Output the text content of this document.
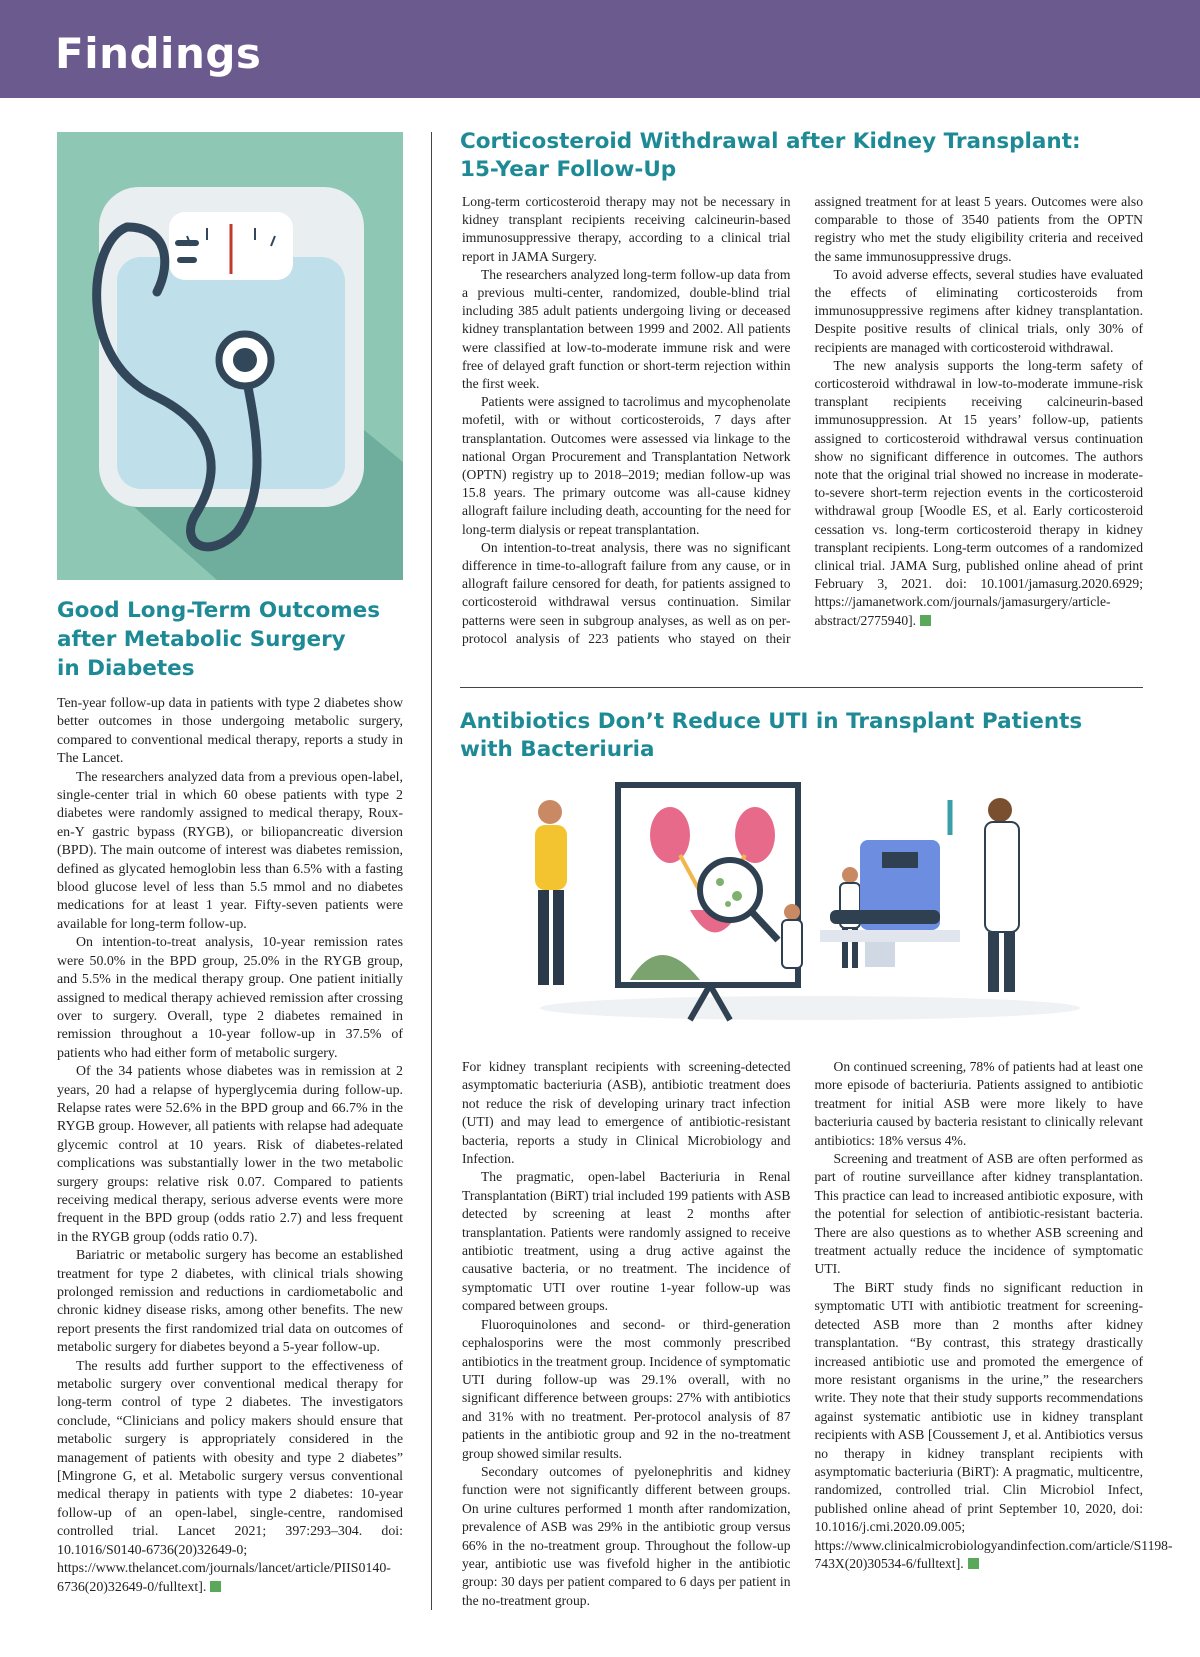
Findings
Good Long-Term Outcomes
after Metabolic Surgery
in Diabetes

Ten-year follow-up data in patients with type 2 diabetes show better outcomes in those undergoing metabolic surgery, compared to conventional medical therapy, reports a study in The Lancet.

The researchers analyzed data from a previous open-label, single-center trial in which 60 obese patients with type 2 diabetes were randomly assigned to medical therapy, Roux-en-Y gastric bypass (RYGB), or biliopancreatic diversion (BPD). The main outcome of interest was diabetes remission, defined as glycated hemoglobin less than 6.5% with a fasting blood glucose level of less than 5.5 mmol and no diabetes medications for at least 1 year. Fifty-seven patients were available for long-term follow-up.

On intention-to-treat analysis, 10-year remission rates were 50.0% in the BPD group, 25.0% in the RYGB group, and 5.5% in the medical therapy group. One patient initially assigned to medical therapy achieved remission after crossing over to surgery. Overall, type 2 diabetes remained in remission throughout a 10-year follow-up in 37.5% of patients who had either form of metabolic surgery.

Of the 34 patients whose diabetes was in remission at 2 years, 20 had a relapse of hyperglycemia during follow-up. Relapse rates were 52.6% in the BPD group and 66.7% in the RYGB group. However, all patients with relapse had adequate glycemic control at 10 years. Risk of diabetes-related complications was substantially lower in the two metabolic surgery groups: relative risk 0.07. Compared to patients receiving medical therapy, serious adverse events were more frequent in the BPD group (odds ratio 2.7) and less frequent in the RYGB group (odds ratio 0.7).

Bariatric or metabolic surgery has become an established treatment for type 2 diabetes, with clinical trials showing prolonged remission and reductions in cardiometabolic and chronic kidney disease risks, among other benefits. The new report presents the first randomized trial data on outcomes of metabolic surgery for diabetes beyond a 5-year follow-up.

The results add further support to the effectiveness of metabolic surgery over conventional medical therapy for long-term control of type 2 diabetes. The investigators conclude, “Clinicians and policy makers should ensure that metabolic surgery is appropriately considered in the management of patients with obesity and type 2 diabetes” [Mingrone G, et al. Metabolic surgery versus conventional medical therapy in patients with type 2 diabetes: 10-year follow-up of an open-label, single-centre, randomised controlled trial. Lancet 2021; 397:293–304. doi: 10.1016/S0140-6736(20)32649-0; https://www.thelancet.com/journals/lancet/article/PIIS0140-6736(20)32649-0/fulltext].

Corticosteroid Withdrawal after Kidney Transplant:
15-Year Follow-Up

Long-term corticosteroid therapy may not be necessary in kidney transplant recipients receiving calcineurin-based immunosuppressive therapy, according to a clinical trial report in JAMA Surgery.

The researchers analyzed long-term follow-up data from a previous multi-center, randomized, double-blind trial including 385 adult patients undergoing living or deceased kidney transplantation between 1999 and 2002. All patients were classified at low-to-moderate immune risk and were free of delayed graft function or short-term rejection within the first week.

Patients were assigned to tacrolimus and mycophenolate mofetil, with or without corticosteroids, 7 days after transplantation. Outcomes were assessed via linkage to the national Organ Procurement and Transplantation Network (OPTN) registry up to 2018–2019; median follow-up was 15.8 years. The primary outcome was all-cause kidney allograft failure including death, accounting for the need for long-term dialysis or repeat transplantation.

On intention-to-treat analysis, there was no significant difference in time-to-allograft failure from any cause, or in allograft failure censored for death, for patients assigned to corticosteroid withdrawal versus continuation. Similar patterns were seen in subgroup analyses, as well as on per-protocol analysis of 223 patients who stayed on their assigned treatment for at least 5 years. Outcomes were also comparable to those of 3540 patients from the OPTN registry who met the study eligibility criteria and received the same immunosuppressive drugs.

To avoid adverse effects, several studies have evaluated the effects of eliminating corticosteroids from immunosuppressive regimens after kidney transplantation. Despite positive results of clinical trials, only 30% of recipients are managed with corticosteroid withdrawal.

The new analysis supports the long-term safety of corticosteroid withdrawal in low-to-moderate immune-risk transplant recipients receiving calcineurin-based immunosuppression. At 15 years’ follow-up, patients assigned to corticosteroid withdrawal versus continuation show no significant difference in outcomes. The authors note that the original trial showed no increase in moderate-to-severe short-term rejection events in the corticosteroid withdrawal group [Woodle ES, et al. Early corticosteroid cessation vs. long-term corticosteroid therapy in kidney transplant recipients. Long-term outcomes of a randomized clinical trial. JAMA Surg, published online ahead of print February 3, 2021. doi: 10.1001/jamasurg.2020.6929; https://jamanetwork.com/journals/jamasurgery/article-abstract/2775940].

Antibiotics Don’t Reduce UTI in Transplant Patients
with Bacteriuria

For kidney transplant recipients with screening-detected asymptomatic bacteriuria (ASB), antibiotic treatment does not reduce the risk of developing urinary tract infection (UTI) and may lead to emergence of antibiotic-resistant bacteria, reports a study in Clinical Microbiology and Infection.

The pragmatic, open-label Bacteriuria in Renal Transplantation (BiRT) trial included 199 patients with ASB detected by screening at least 2 months after transplantation. Patients were randomly assigned to receive antibiotic treatment, using a drug active against the causative bacteria, or no treatment. The incidence of symptomatic UTI over routine 1-year follow-up was compared between groups.

Fluoroquinolones and second- or third-generation cephalosporins were the most commonly prescribed antibiotics in the treatment group. Incidence of symptomatic UTI during follow-up was 29.1% overall, with no significant difference between groups: 27% with antibiotics and 31% with no treatment. Per-protocol analysis of 87 patients in the antibiotic group and 92 in the no-treatment group showed similar results.

Secondary outcomes of pyelonephritis and kidney function were not significantly different between groups. On urine cultures performed 1 month after randomization, prevalence of ASB was 29% in the antibiotic group versus 66% in the no-treatment group. Throughout the follow-up year, antibiotic use was fivefold higher in the antibiotic group: 30 days per patient compared to 6 days per patient in the no-treatment group.

On continued screening, 78% of patients had at least one more episode of bacteriuria. Patients assigned to antibiotic treatment for initial ASB were more likely to have bacteriuria caused by bacteria resistant to clinically relevant antibiotics: 18% versus 4%.

Screening and treatment of ASB are often performed as part of routine surveillance after kidney transplantation. This practice can lead to increased antibiotic exposure, with the potential for selection of antibiotic-resistant bacteria. There are also questions as to whether ASB screening and treatment actually reduce the incidence of symptomatic UTI.

The BiRT study finds no significant reduction in symptomatic UTI with antibiotic treatment for screening-detected ASB more than 2 months after kidney transplantation. “By contrast, this strategy drastically increased antibiotic use and promoted the emergence of more resistant organisms in the urine,” the researchers write. They note that their study supports recommendations against systematic antibiotic use in kidney transplant recipients with ASB [Coussement J, et al. Antibiotics versus no therapy in kidney transplant recipients with asymptomatic bacteriuria (BiRT): A pragmatic, multicentre, randomized, controlled trial. Clin Microbiol Infect, published online ahead of print September 10, 2020, doi: 10.1016/j.cmi.2020.09.005; https://www.clinicalmicrobiologyandinfection.com/article/S1198-743X(20)30534-6/fulltext].
